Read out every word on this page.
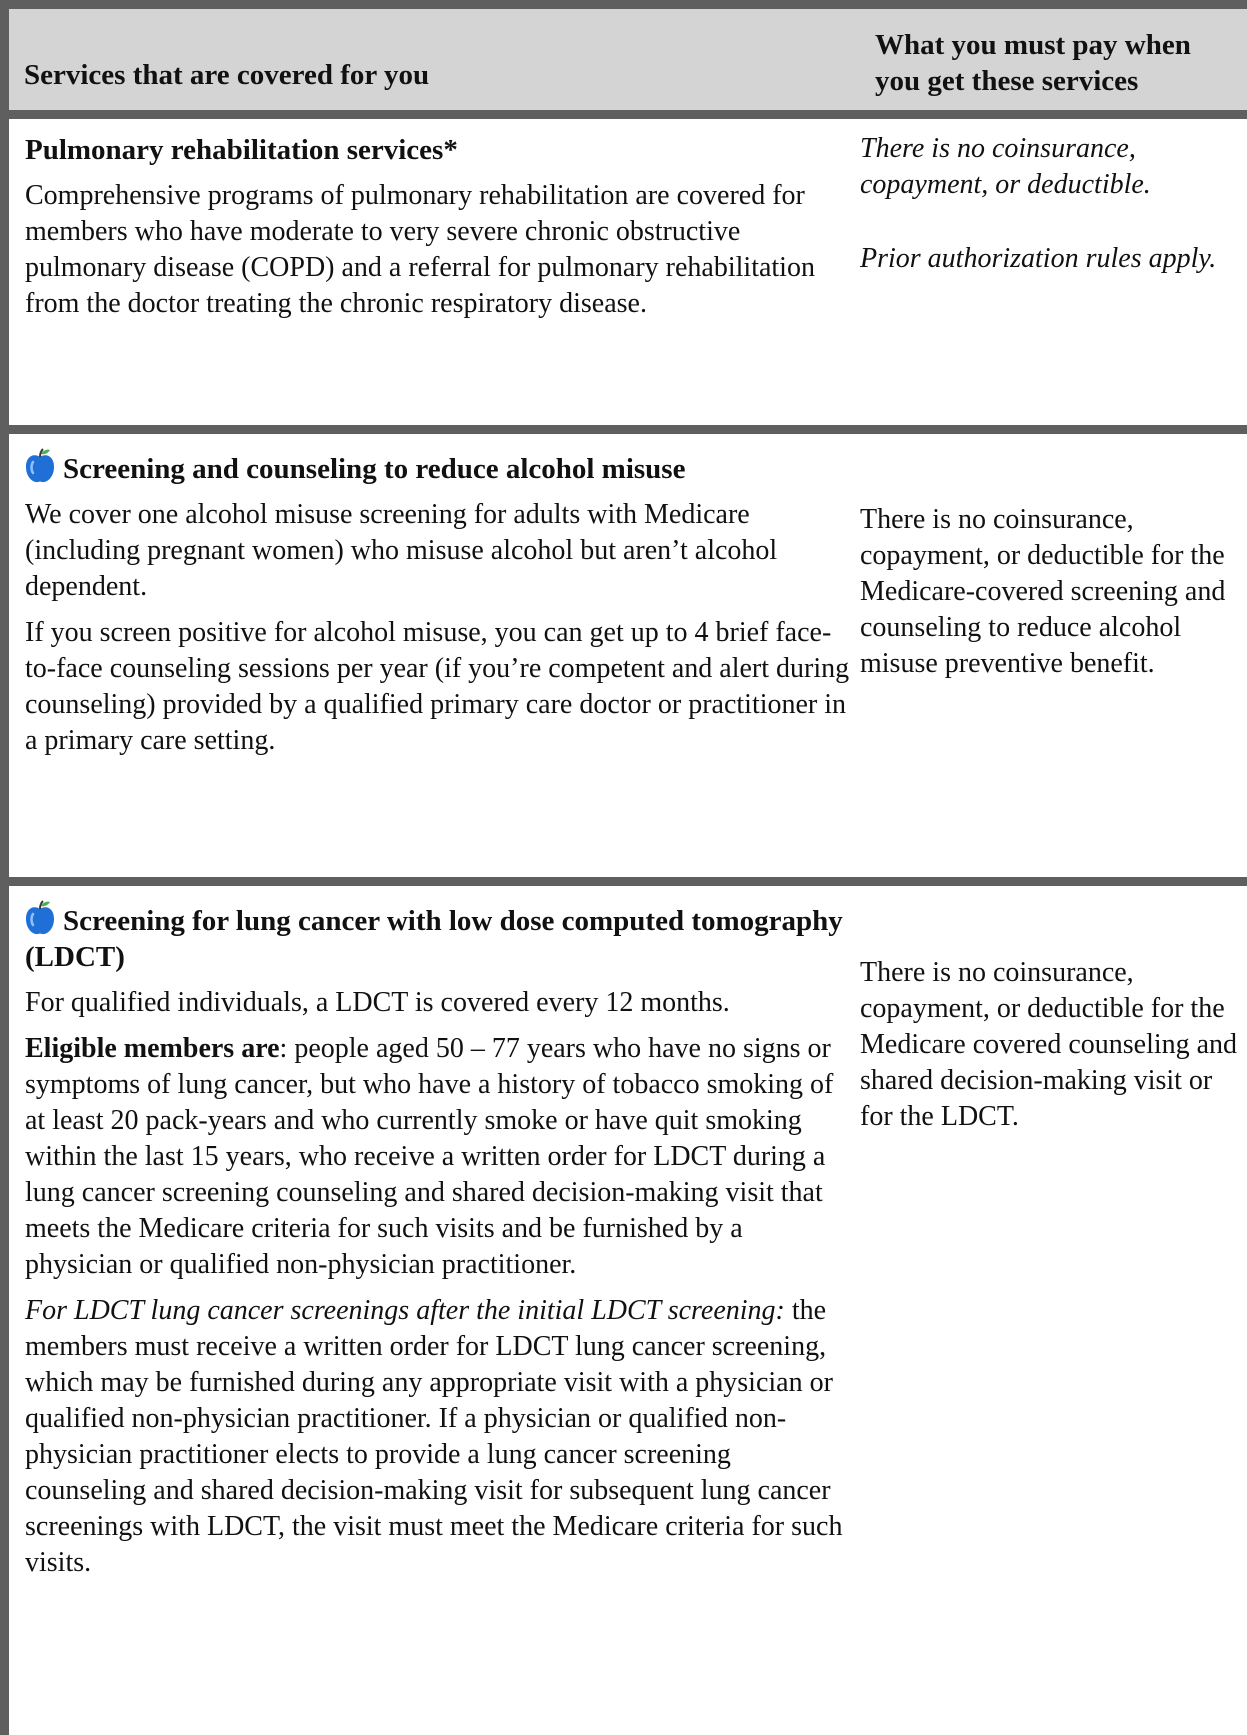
Services that are covered for you
What you must pay when you get these services

Pulmonary rehabilitation services*

Comprehensive programs of pulmonary rehabilitation are covered for members who have moderate to very severe chronic obstructive pulmonary disease (COPD) and a referral for pulmonary rehabilitation from the doctor treating the chronic respiratory disease.

There is no coinsurance, copayment, or deductible.

Prior authorization rules apply.

Screening and counseling to reduce alcohol misuse

We cover one alcohol misuse screening for adults with Medicare (including pregnant women) who misuse alcohol but aren’t alcohol dependent.

If you screen positive for alcohol misuse, you can get up to 4 brief face-to-face counseling sessions per year (if you’re competent and alert during counseling) provided by a qualified primary care doctor or practitioner in a primary care setting.

There is no coinsurance, copayment, or deductible for the Medicare-covered screening and counseling to reduce alcohol misuse preventive benefit.

Screening for lung cancer with low dose computed tomography (LDCT)

For qualified individuals, a LDCT is covered every 12 months.

Eligible members are: people aged 50 – 77 years who have no signs or symptoms of lung cancer, but who have a history of tobacco smoking of at least 20 pack-years and who currently smoke or have quit smoking within the last 15 years, who receive a written order for LDCT during a lung cancer screening counseling and shared decision-making visit that meets the Medicare criteria for such visits and be furnished by a physician or qualified non-physician practitioner.

For LDCT lung cancer screenings after the initial LDCT screening: the members must receive a written order for LDCT lung cancer screening, which may be furnished during any appropriate visit with a physician or qualified non-physician practitioner. If a physician or qualified non-physician practitioner elects to provide a lung cancer screening counseling and shared decision-making visit for subsequent lung cancer screenings with LDCT, the visit must meet the Medicare criteria for such visits.

There is no coinsurance, copayment, or deductible for the Medicare covered counseling and shared decision-making visit or for the LDCT.
